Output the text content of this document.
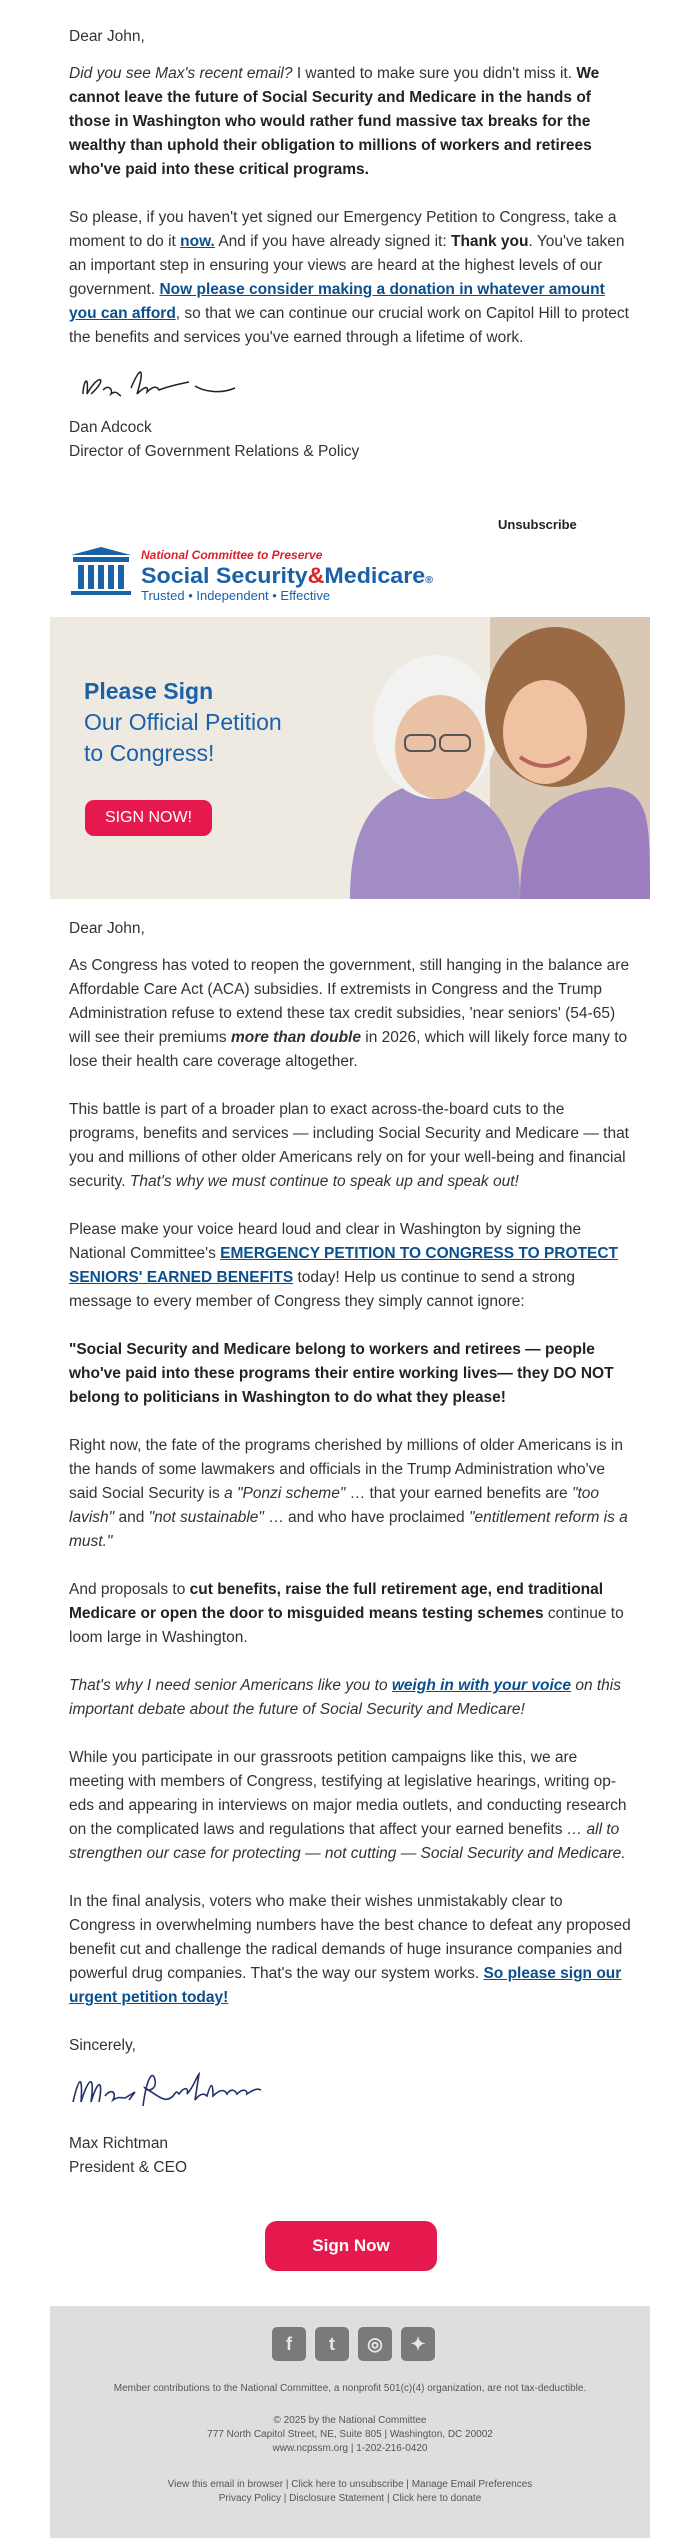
Dear John,

Did you see Max's recent email? I wanted to make sure you didn't miss it. We cannot leave the future of Social Security and Medicare in the hands of those in Washington who would rather fund massive tax breaks for the wealthy than uphold their obligation to millions of workers and retirees who've paid into these critical programs.

So please, if you haven't yet signed our Emergency Petition to Congress, take a moment to do it now. And if you have already signed it: Thank you. You've taken an important step in ensuring your views are heard at the highest levels of our government. Now please consider making a donation in whatever amount you can afford, so that we can continue our crucial work on Capitol Hill to protect the benefits and services you've earned through a lifetime of work.

Dan Adcock

Director of Government Relations & Policy

Unsubscribe
National Committee to Preserve
Social Security &Medicare ®
Trusted • Independent • Effective
Please Sign
Our Official Petition
to Congress!
SIGN NOW!

Dear John,

As Congress has voted to reopen the government, still hanging in the balance are Affordable Care Act (ACA) subsidies. If extremists in Congress and the Trump Administration refuse to extend these tax credit subsidies, 'near seniors' (54-65) will see their premiums more than double in 2026, which will likely force many to lose their health care coverage altogether.

This battle is part of a broader plan to exact across-the-board cuts to the programs, benefits and services — including Social Security and Medicare — that you and millions of other older Americans rely on for your well-being and financial security. That's why we must continue to speak up and speak out!

Please make your voice heard loud and clear in Washington by signing the National Committee's EMERGENCY PETITION TO CONGRESS TO PROTECT SENIORS' EARNED BENEFITS today! Help us continue to send a strong message to every member of Congress they simply cannot ignore:

"Social Security and Medicare belong to workers and retirees — people who've paid into these programs their entire working lives— they DO NOT belong to politicians in Washington to do what they please!

Right now, the fate of the programs cherished by millions of older Americans is in the hands of some lawmakers and officials in the Trump Administration who've said Social Security is a "Ponzi scheme" … that your earned benefits are "too lavish" and "not sustainable" … and who have proclaimed "entitlement reform is a must."

And proposals to cut benefits, raise the full retirement age, end traditional Medicare or open the door to misguided means testing schemes continue to loom large in Washington.

That's why I need senior Americans like you to weigh in with your voice on this important debate about the future of Social Security and Medicare!

While you participate in our grassroots petition campaigns like this, we are meeting with members of Congress, testifying at legislative hearings, writing op-eds and appearing in interviews on major media outlets, and conducting research on the complicated laws and regulations that affect your earned benefits … all to strengthen our case for protecting — not cutting — Social Security and Medicare.

In the final analysis, voters who make their wishes unmistakably clear to Congress in overwhelming numbers have the best chance to defeat any proposed benefit cut and challenge the radical demands of huge insurance companies and powerful drug companies. That's the way our system works. So please sign our urgent petition today!

Sincerely,

Max Richtman

President & CEO

Sign Now
f	t	◎	✦
Member contributions to the National Committee, a nonprofit 501(c)(4) organization, are not tax-deductible.
© 2025 by the National Committee
777 North Capitol Street, NE, Suite 805 | Washington, DC 20002
www.ncpssm.org | 1-202-216-0420
View this email in browser | Click here to unsubscribe | Manage Email Preferences
Privacy Policy | Disclosure Statement | Click here to donate
